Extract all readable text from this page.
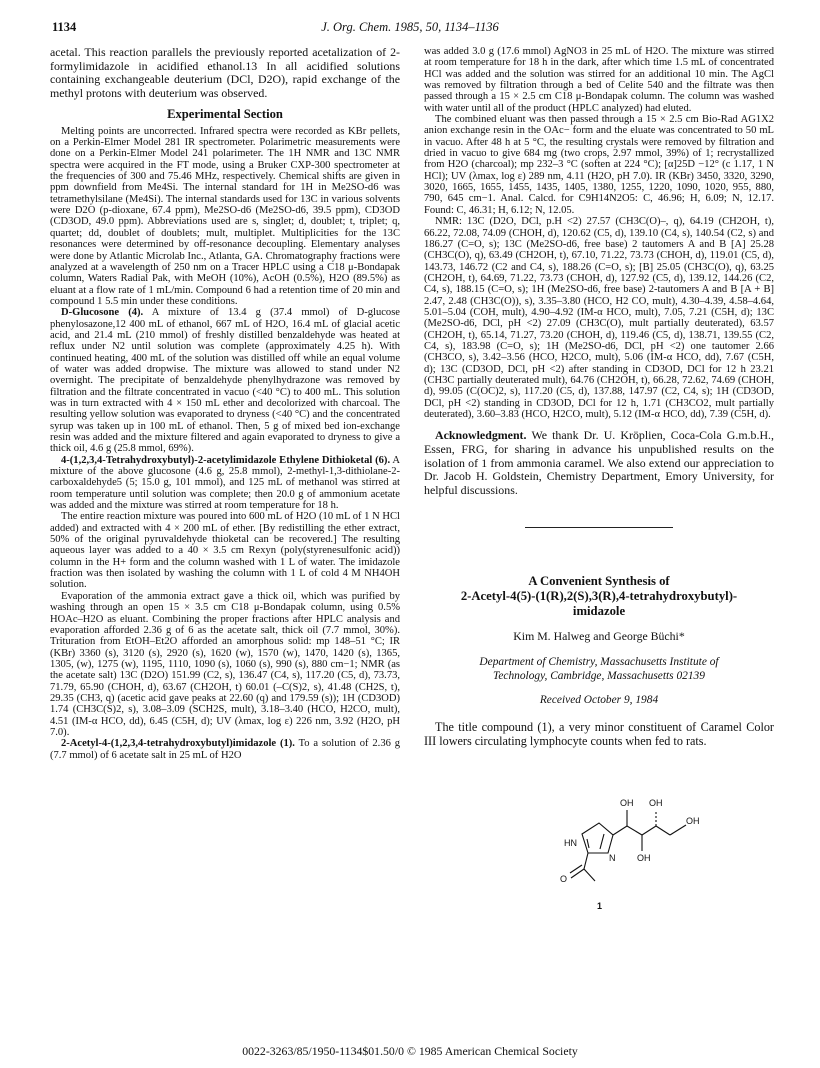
1134	J. Org. Chem. 1985, 50, 1134–1136

acetal. This reaction parallels the previously reported acetalization of 2-formylimidazole in acidified ethanol.13 In all acidified solutions containing exchangeable deuterium (DCl, D2O), rapid exchange of the methyl protons with deuterium was observed.

Experimental Section

Melting points are uncorrected. Infrared spectra were recorded as KBr pellets, on a Perkin-Elmer Model 281 IR spectrometer. Polarimetric measurements were done on a Perkin-Elmer Model 241 polarimeter. The 1H NMR and 13C NMR spectra were acquired in the FT mode, using a Bruker CXP-300 spectrometer at the frequencies of 300 and 75.46 MHz, respectively. Chemical shifts are given in ppm downfield from Me4Si. The internal standard for 1H in Me2SO-d6 was tetramethylsilane (Me4Si). The internal standards used for 13C in various solvents were D2O (p-dioxane, 67.4 ppm), Me2SO-d6 (Me2SO-d6, 39.5 ppm), CD3OD (CD3OD, 49.0 ppm). Abbreviations used are s, singlet; d, doublet; t, triplet; q, quartet; dd, doublet of doublets; mult, multiplet. Multiplicities for the 13C resonances were determined by off-resonance decoupling. Elementary analyses were done by Atlantic Microlab Inc., Atlanta, GA. Chromatography fractions were analyzed at a wavelength of 250 nm on a Tracer HPLC using a C18 μ-Bondapak column, Waters Radial Pak, with MeOH (10%), AcOH (0.5%), H2O (89.5%) as eluant at a flow rate of 1 mL/min. Compound 6 had a retention time of 20 min and compound 1 5.5 min under these conditions.

D-Glucosone (4). A mixture of 13.4 g (37.4 mmol) of D-glucose phenylosazone,12 400 mL of ethanol, 667 mL of H2O, 16.4 mL of glacial acetic acid, and 21.4 mL (210 mmol) of freshly distilled benzaldehyde was heated at reflux under N2 until solution was complete (approximately 4.25 h). With continued heating, 400 mL of the solution was distilled off while an equal volume of water was added dropwise. The mixture was allowed to stand under N2 overnight. The precipitate of benzaldehyde phenylhydrazone was removed by filtration and the filtrate concentrated in vacuo (<40 °C) to 400 mL. This solution was in turn extracted with 4 × 150 mL ether and decolorized with charcoal. The resulting yellow solution was evaporated to dryness (<40 °C) and the concentrated syrup was taken up in 100 mL of ethanol. Then, 5 g of mixed bed ion-exchange resin was added and the mixture filtered and again evaporated to dryness to give a thick oil, 4.6 g (25.8 mmol, 69%).

4-(1,2,3,4-Tetrahydroxybutyl)-2-acetylimidazole Ethylene Dithioketal (6). A mixture of the above glucosone (4.6 g, 25.8 mmol), 2-methyl-1,3-dithiolane-2-carboxaldehyde5 (5; 15.0 g, 101 mmol), and 125 mL of methanol was stirred at room temperature until solution was complete; then 20.0 g of ammonium acetate was added and the mixture was stirred at room temperature for 18 h.

The entire reaction mixture was poured into 600 mL of H2O (10 mL of 1 N HCl added) and extracted with 4 × 200 mL of ether. [By redistilling the ether extract, 50% of the original pyruvaldehyde thioketal can be recovered.] The resulting aqueous layer was added to a 40 × 3.5 cm Rexyn (poly(styrenesulfonic acid)) column in the H+ form and the column washed with 1 L of water. The imidazole fraction was then isolated by washing the column with 1 L of cold 4 M NH4OH solution.

Evaporation of the ammonia extract gave a thick oil, which was purified by washing through an open 15 × 3.5 cm C18 μ-Bondapak column, using 0.5% HOAc–H2O as eluant. Combining the proper fractions after HPLC analysis and evaporation afforded 2.36 g of 6 as the acetate salt, thick oil (7.7 mmol, 30%). Trituration from EtOH–Et2O afforded an amorphous solid: mp 148–51 °C; IR (KBr) 3360 (s), 3120 (s), 2920 (s), 1620 (w), 1570 (w), 1470, 1420 (s), 1365, 1305, (w), 1275 (w), 1195, 1110, 1090 (s), 1060 (s), 990 (s), 880 cm−1; NMR (as the acetate salt) 13C (D2O) 151.99 (C2, s), 136.47 (C4, s), 117.20 (C5, d), 73.73, 71.79, 65.90 (CHOH, d), 63.67 (CH2OH, t) 60.01 (–C(S)2, s), 41.48 (CH2S, t), 29.35 (CH3, q) (acetic acid gave peaks at 22.60 (q) and 179.59 (s)); 1H (CD3OD) 1.74 (CH3C(S)2, s), 3.08–3.09 (SCH2S, mult), 3.18–3.40 (HCO, H2CO, mult), 4.51 (IM-α HCO, dd), 6.45 (C5H, d); UV (λmax, log ε) 226 nm, 3.92 (H2O, pH 7.0).

2-Acetyl-4-(1,2,3,4-tetrahydroxybutyl)imidazole (1). To a solution of 2.36 g (7.7 mmol) of 6 acetate salt in 25 mL of H2O

was added 3.0 g (17.6 mmol) AgNO3 in 25 mL of H2O. The mixture was stirred at room temperature for 18 h in the dark, after which time 1.5 mL of concentrated HCl was added and the solution was stirred for an additional 10 min. The AgCl was removed by filtration through a bed of Celite 540 and the filtrate was then passed through a 15 × 2.5 cm C18 μ-Bondapak column. The column was washed with water until all of the product (HPLC analyzed) had eluted.

The combined eluant was then passed through a 15 × 2.5 cm Bio-Rad AG1X2 anion exchange resin in the OAc− form and the eluate was concentrated to 50 mL in vacuo. After 48 h at 5 °C, the resulting crystals were removed by filtration and dried in vacuo to give 684 mg (two crops, 2.97 mmol, 39%) of 1; recrystallized from H2O (charcoal); mp 232–3 °C (soften at 224 °C); [α]25D −12° (c 1.17, 1 N HCl); UV (λmax, log ε) 289 nm, 4.11 (H2O, pH 7.0). IR (KBr) 3450, 3320, 3290, 3020, 1665, 1655, 1455, 1435, 1405, 1380, 1255, 1220, 1090, 1020, 955, 880, 790, 645 cm−1. Anal. Calcd. for C9H14N2O5: C, 46.96; H, 6.09; N, 12.17. Found: C, 46.31; H, 6.12; N, 12.05.

NMR: 13C (D2O, DCl, p.H <2) 27.57 (CH3C(O)–, q), 64.19 (CH2OH, t), 66.22, 72.08, 74.09 (CHOH, d), 120.62 (C5, d), 139.10 (C4, s), 140.54 (C2, s) and 186.27 (C=O, s); 13C (Me2SO-d6, free base) 2 tautomers A and B [A] 25.28 (CH3C(O), q), 63.49 (CH2OH, t), 67.10, 71.22, 73.73 (CHOH, d), 119.01 (C5, d), 143.73, 146.72 (C2 and C4, s), 188.26 (C=O, s); [B] 25.05 (CH3C(O), q), 63.25 (CH2OH, t), 64.69, 71.22, 73.73 (CHOH, d), 127.92 (C5, d), 139.12, 144.26 (C2, C4, s), 188.15 (C=O, s); 1H (Me2SO-d6, free base) 2-tautomers A and B [A + B] 2.47, 2.48 (CH3C(O)), s), 3.35–3.80 (HCO, H2 CO, mult), 4.30–4.39, 4.58–4.64, 5.01–5.04 (COH, mult), 4.90–4.92 (IM-α HCO, mult), 7.05, 7.21 (C5H, d); 13C (Me2SO-d6, DCl, pH <2) 27.09 (CH3C(O), mult partially deuterated), 63.57 (CH2OH, t), 65.14, 71.27, 73.20 (CHOH, d), 119.46 (C5, d), 138.71, 139.55 (C2, C4, s), 183.98 (C=O, s); 1H (Me2SO-d6, DCl, pH <2) one tautomer 2.66 (CH3CO, s), 3.42–3.56 (HCO, H2CO, mult), 5.06 (IM-α HCO, dd), 7.67 (C5H, d); 13C (CD3OD, DCl, pH <2) after standing in CD3OD, DCl for 12 h 23.21 (CH3C partially deuterated mult), 64.76 (CH2OH, t), 66.28, 72.62, 74.69 (CHOH, d), 99.05 (C(OC)2, s), 117.20 (C5, d), 137.88, 147.97 (C2, C4, s); 1H (CD3OD, DCl, pH <2) standing in CD3OD, DCl for 12 h, 1.71 (CH3CO2, mult partially deuterated), 3.60–3.83 (HCO, H2CO, mult), 5.12 (IM-α HCO, dd), 7.39 (C5H, d).

Acknowledgment. We thank Dr. U. Kröplien, Coca-Cola G.m.b.H., Essen, FRG, for sharing in advance his unpublished results on the isolation of 1 from ammonia caramel. We also extend our appreciation to Dr. Jacob H. Goldstein, Chemistry Department, Emory University, for helpful discussions.

A Convenient Synthesis of
2-Acetyl-4(5)-(1(R),2(S),3(R),4-tetrahydroxybutyl)-
imidazole
Kim M. Halweg and George Büchi*
Department of Chemistry, Massachusetts Institute of
Technology, Cambridge, Massachusetts 02139
Received October 9, 1984

The title compound (1), a very minor constituent of Caramel Color III lowers circulating lymphocyte counts when fed to rats.

OH OH
OH
OH
HN
N
O
1
0022-3263/85/1950-1134$01.50/0 © 1985 American Chemical Society
